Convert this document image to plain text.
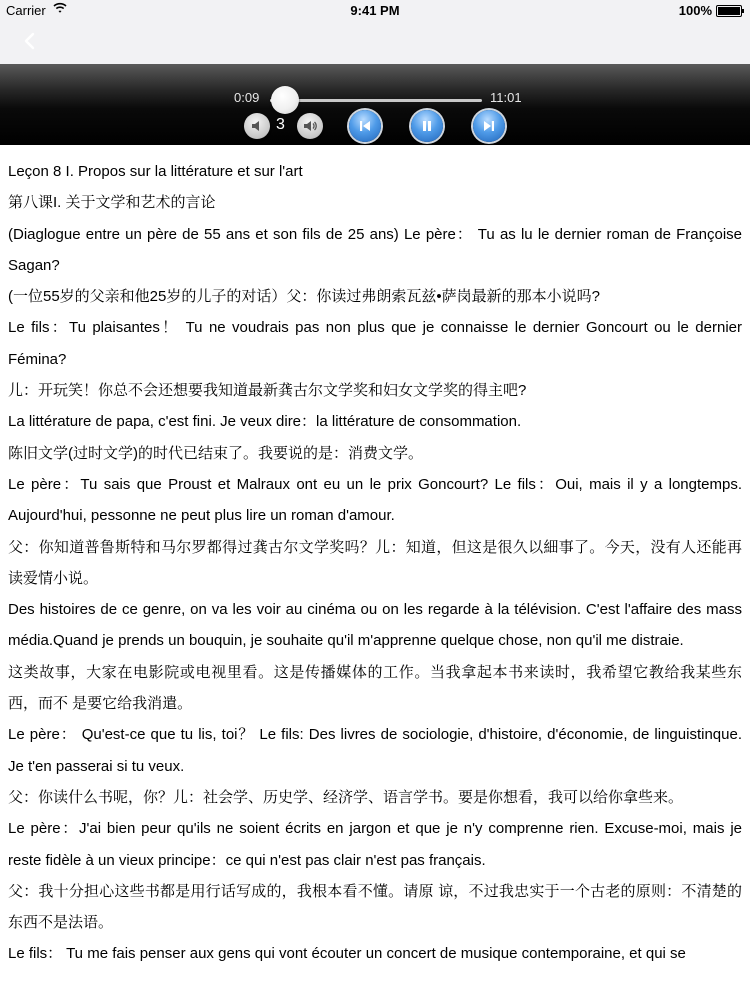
Carrier	9:41 PM	100%
0:09	11:01
3

Leçon 8 I. Propos sur la littérature et sur l'art

第八课I. 关于文学和艺术的言论

(Diaglogue entre un père de 55 ans et son fils de 25 ans) Le père： Tu as lu le dernier roman de Françoise Sagan?

(一位55岁的父亲和他25岁的儿子的对话）父：你读过弗朗索瓦兹•萨岗最新的那本小说吗?

Le fils：Tu plaisantes！ Tu ne voudrais pas non plus que je connaisse le dernier Goncourt ou le dernier Fémina?

儿：开玩笑！你总不会还想要我知道最新龚古尔文学奖和妇女文学奖的得主吧?

La littérature de papa, c'est fini. Je veux dire：la littérature de consommation.

陈旧文学(过时文学)的时代已结束了。我要说的是：消费文学。

Le père：Tu sais que Proust et Malraux ont eu un le prix Goncourt? Le fils：Oui, mais il y a longtemps. Aujourd'hui, pessonne ne peut plus lire un roman d'amour.

父：你知道普鲁斯特和马尔罗都得过龚古尔文学奖吗？儿：知道，但这是很久以細事了。今天，没有人还能再读爱情小说。

Des histoires de ce genre, on va les voir au cinéma ou on les regarde à la télévision. C'est l'affaire des mass média.Quand je prends un bouquin, je souhaite qu'il m'apprenne quelque chose, non qu'il me distraie.

这类故事，大家在电影院或电视里看。这是传播媒体的工作。当我拿起本书来读时，我希望它教给我某些东西，而不 是要它给我消遣。

Le père： Qu'est-ce que tu lis, toi？ Le fils: Des livres de sociologie, d'histoire, d'économie, de linguistinque. Je t'en passerai si tu veux.

父：你读什么书呢，你？儿：社会学、历史学、经济学、语言学书。要是你想看，我可以给你拿些来。

Le père：J'ai bien peur qu'ils ne soient écrits en jargon et que je n'y comprenne rien. Excuse-moi, mais je reste fidèle à un vieux principe：ce qui n'est pas clair n'est pas français.

父：我十分担心这些书都是用行话写成的，我根本看不懂。请原 谅，不过我忠实于一个古老的原则：不清楚的东西不是法语。

Le fils： Tu me fais penser aux gens qui vont écouter un concert de musique contemporaine, et qui se
